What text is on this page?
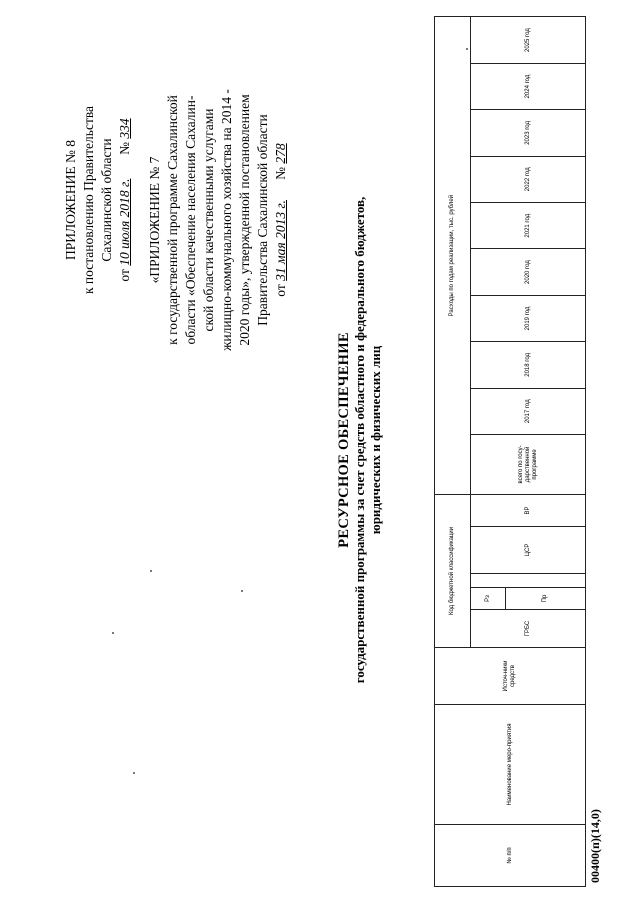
ПРИЛОЖЕНИЕ № 8 к постановлению Правительства Сахалинской области
от 10 июля 2018 г.       № 334
«ПРИЛОЖЕНИЕ № 7 к государственной программе Сахалинской области «Обеспечение населения Сахалин- ской области качественными услугами жилищно-коммунального хозяйства на 2014 - 2020 годы», утвержденной постановлением Правительства Сахалинской области от 31 мая 2013 г.      № 278
РЕСУРСНОЕ ОБЕСПЕЧЕНИЕ государственной программы за счет средств областного и федерального бюджетов, юридических и физических лиц
№ п/п	Наименование меро-приятия	Источ-ники средств	Код бюджетной классификации					Расходы по годам реализации, тыс. рублей									
			ГРБС	Рз		ЦСР	ВР	всего по госу-дарственной программе	2017 год	2018 год	2019 год	2020 год	2021 год	2022 год	2023 год	2024 год	2025 год
				Пр													
00400(п)(14,0)
